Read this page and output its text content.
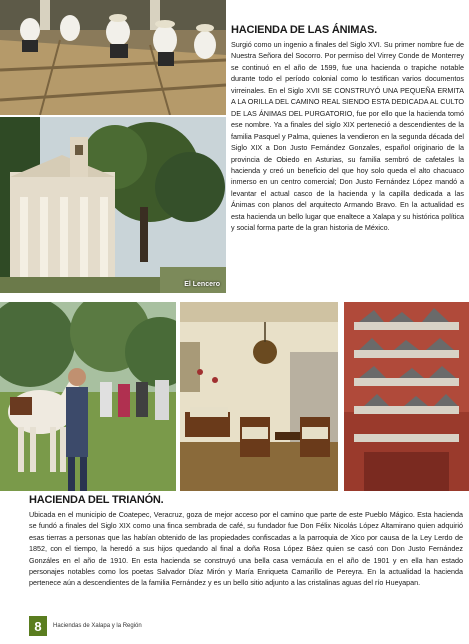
El Lencero
HACIENDA DE LAS ÁNIMAS.

Surgió como un ingenio a finales del Siglo XVI. Su primer nombre fue de Nuestra Señora del Socorro. Por permiso del Virrey Conde de Monterrey se continuó en el año de 1599, fue una hacienda o trapiche notable durante todo el período colonial como lo testifican varios documentos virreinales. En el Siglo XVII SE CONSTRUYÓ UNA PEQUEÑA ERMITA A LA ORILLA DEL CAMINO REAL SIENDO ESTA DEDICADA AL CULTO DE LAS ÁNIMAS DEL PURGATORIO, fue por ello que la hacienda tomó ese nombre. Ya a finales del siglo XIX perteneció a descendientes de la familia Pasquel y Palma, quienes la vendieron en la segunda década del Siglo XIX a Don Justo Fernández Gonzales, español originario de la provincia de Obiedo en Asturias, su familia sembró de cafetales la hacienda y creó un beneficio del que hoy solo queda el alto chacuaco inmerso en un centro comercial; Don Justo Fernández López mandó a levantar el actual casco de la hacienda y la capilla dedicada a las Ánimas con planos del arquitecto Armando Bravo. En la actualidad es esta hacienda un bello lugar que enaltece a Xalapa y su histórica política y social forma parte de la gran historia de México.

HACIENDA DEL TRIANÓN.

Ubicada en el municipio de Coatepec, Veracruz, goza de mejor acceso por el camino que parte de este Pueblo Mágico. Esta hacienda se fundó a finales del Siglo XIX como una finca sembrada de café, su fundador fue Don Félix Nicolás López Altamirano quien adquirió esas tierras a personas que las habían obtenido de las propiedades confiscadas a la parroquia de Xico por causa de la Ley Lerdo de 1852, con el tiempo, la heredó a sus hijos quedando al final a doña Rosa López Báez quien se casó con Don Justo Fernández Gonzáles en el año de 1910. En esta hacienda se construyó una bella casa vernácula en el año de 1901 y en ella han estado personajes notables como los poetas Salvador Díaz Mirón y María Enriqueta Camarillo de Pereyra. En la actualidad la hacienda pertenece aún a descendientes de la familia Fernández y es un bello sitio adjunto a las cristalinas aguas del río Hueyapan.

8	Haciendas de Xalapa y la Región
